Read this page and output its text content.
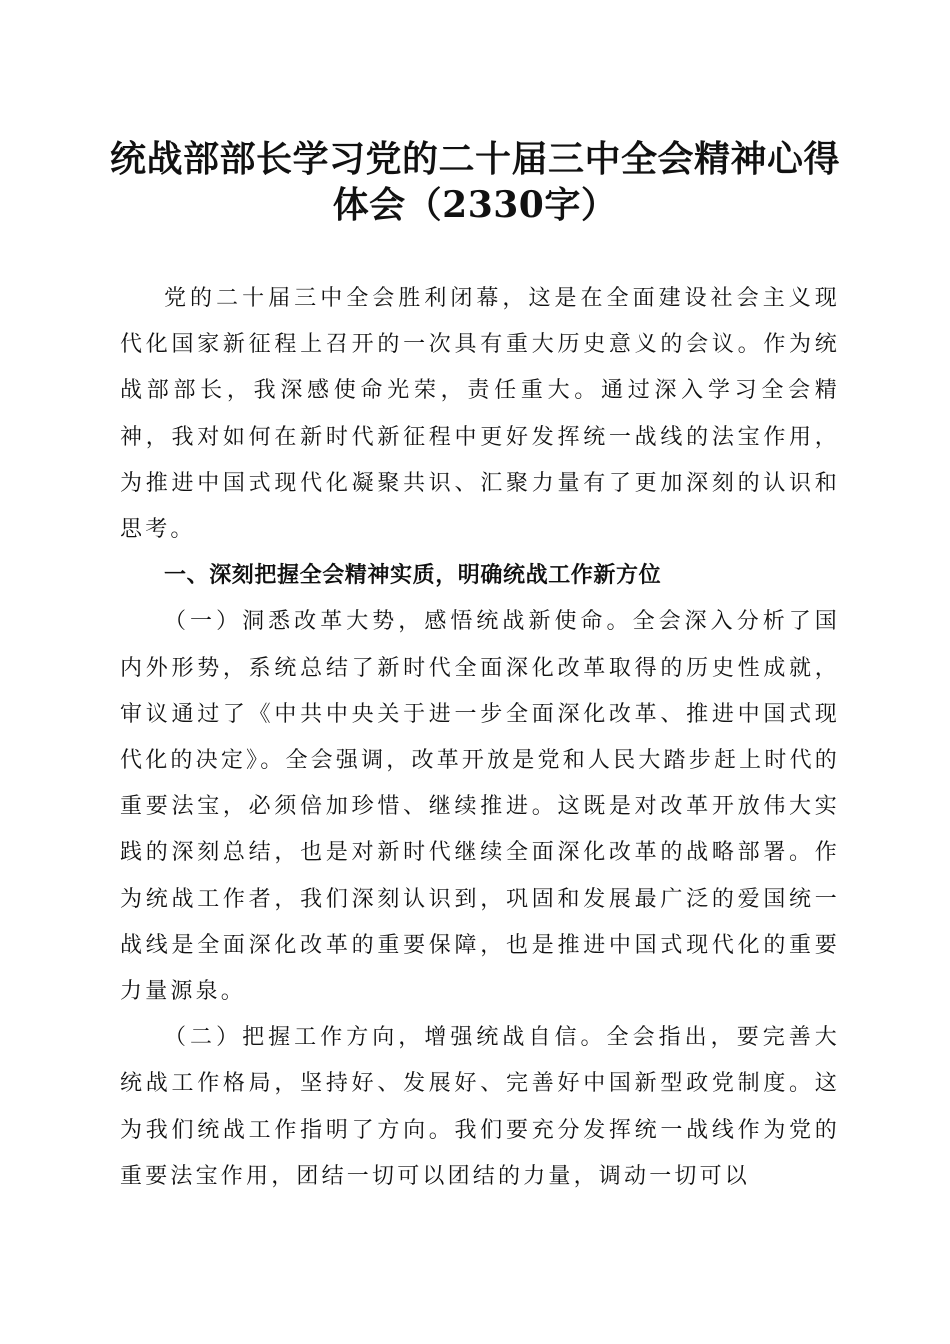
统战部部长学习党的二十届三中全会精神心得
体会（2330字）

党的二十届三中全会胜利闭幕，这是在全面建设社会主义现代化国家新征程上召开的一次具有重大历史意义的会议。作为统战部部长，我深感使命光荣，责任重大。通过深入学习全会精神，我对如何在新时代新征程中更好发挥统一战线的法宝作用，为推进中国式现代化凝聚共识、汇聚力量有了更加深刻的认识和思考。

一、深刻把握全会精神实质，明确统战工作新方位

（一）洞悉改革大势，感悟统战新使命。全会深入分析了国内外形势，系统总结了新时代全面深化改革取得的历史性成就，审议通过了《中共中央关于进一步全面深化改革、推进中国式现代化的决定》。全会强调，改革开放是党和人民大踏步赶上时代的重要法宝，必须倍加珍惜、继续推进。这既是对改革开放伟大实践的深刻总结，也是对新时代继续全面深化改革的战略部署。作为统战工作者，我们深刻认识到，巩固和发展最广泛的爱国统一战线是全面深化改革的重要保障，也是推进中国式现代化的重要力量源泉。

（二）把握工作方向，增强统战自信。全会指出，要完善大统战工作格局，坚持好、发展好、完善好中国新型政党制度。这为我们统战工作指明了方向。我们要充分发挥统一战线作为党的重要法宝作用，团结一切可以团结的力量，调动一切可以
